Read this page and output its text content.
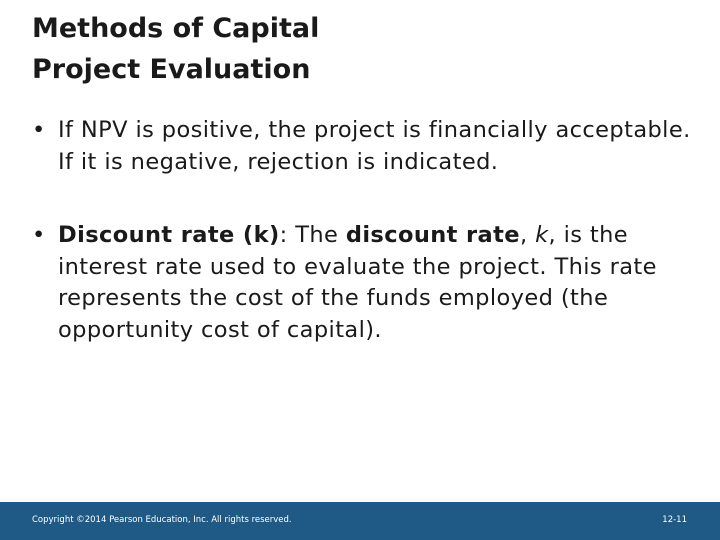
Methods of Capital
Project Evaluation
• If NPV is positive, the project is financially acceptable. If it is negative, rejection is indicated.
• Discount rate (k): The discount rate, k, is the interest rate used to evaluate the project. This rate represents the cost of the funds employed (the opportunity cost of capital).
Copyright ©2014 Pearson Education, Inc. All rights reserved.	12-11
